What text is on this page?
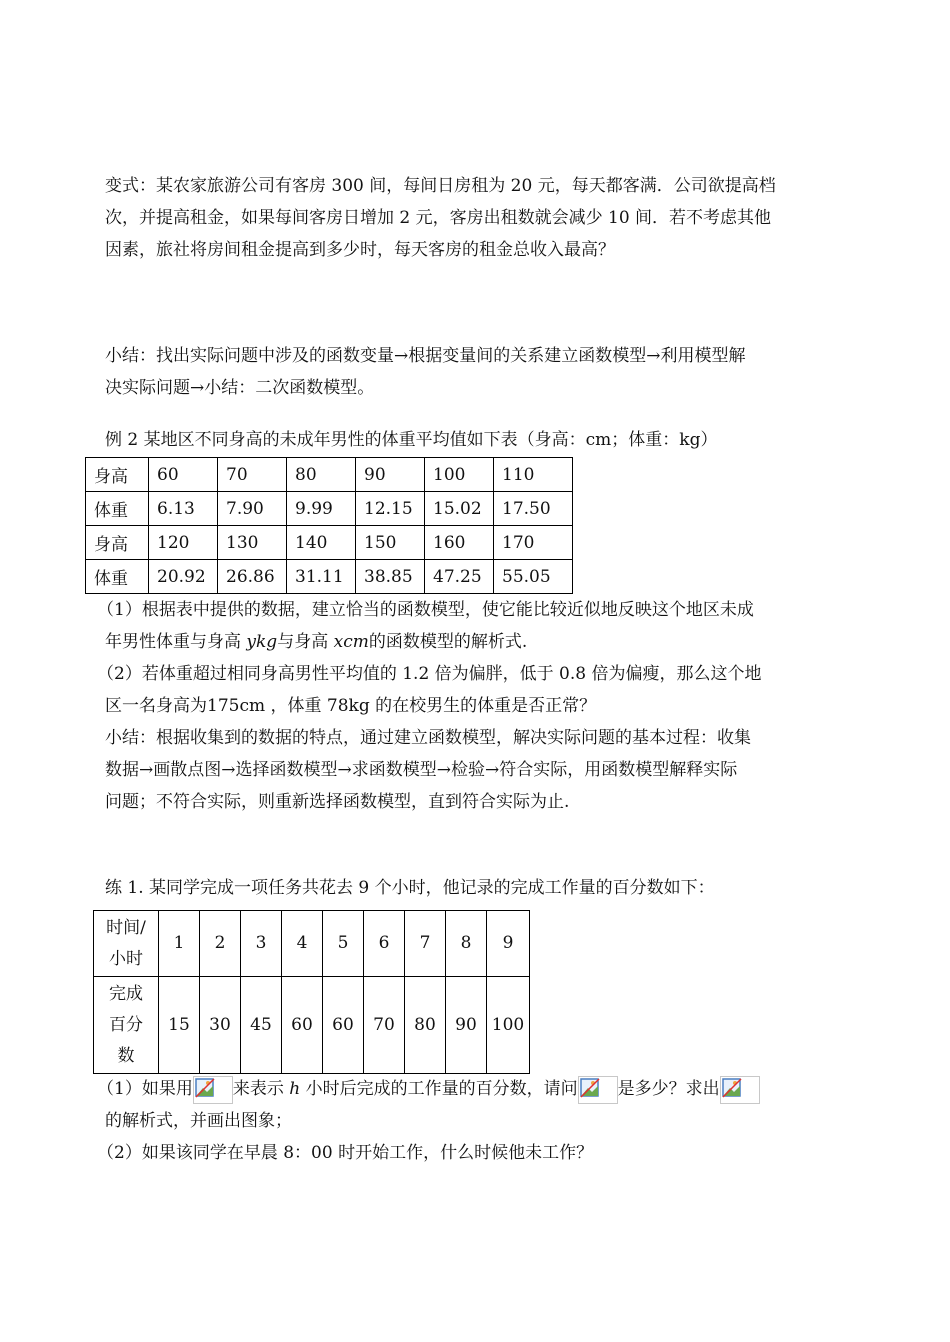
变式：某农家旅游公司有客房 300 间，每间日房租为 20 元，每天都客满．公司欲提高档
次，并提高租金，如果每间客房日增加 2 元，客房出租数就会减少 10 间．若不考虑其他
因素，旅社将房间租金提高到多少时，每天客房的租金总收入最高？
小结：找出实际问题中涉及的函数变量→根据变量间的关系建立函数模型→利用模型解
决实际问题→小结：二次函数模型。
例 2 某地区不同身高的未成年男性的体重平均值如下表（身高：cm；体重：kg）
身高	60	70	80	90	100	110
体重	6.13	7.90	9.99	12.15	15.02	17.50
身高	120	130	140	150	160	170
体重	20.92	26.86	31.11	38.85	47.25	55.05
（1）根据表中提供的数据，建立恰当的函数模型，使它能比较近似地反映这个地区未成
年男性体重与身高 ykg与身高 xcm的函数模型的解析式.
（2）若体重超过相同身高男性平均值的 1.2 倍为偏胖，低于 0.8 倍为偏瘦，那么这个地
区一名身高为175cm ，体重 78kg 的在校男生的体重是否正常？
小结：根据收集到的数据的特点，通过建立函数模型，解决实际问题的基本过程：收集
数据→画散点图→选择函数模型→求函数模型→检验→符合实际，用函数模型解释实际
问题；不符合实际，则重新选择函数模型，直到符合实际为止.
练 1. 某同学完成一项任务共花去 9 个小时，他记录的完成工作量的百分数如下：
时间/
小时	1	2	3	4	5	6	7	8	9

完成
百分
数	15	30	45	60	60	70	80	90	100
（1）如果用 来表示 h 小时后完成的工作量的百分数，请问 是多少？求出
的解析式，并画出图象；
（2）如果该同学在早晨 8：00 时开始工作，什么时候他未工作？
